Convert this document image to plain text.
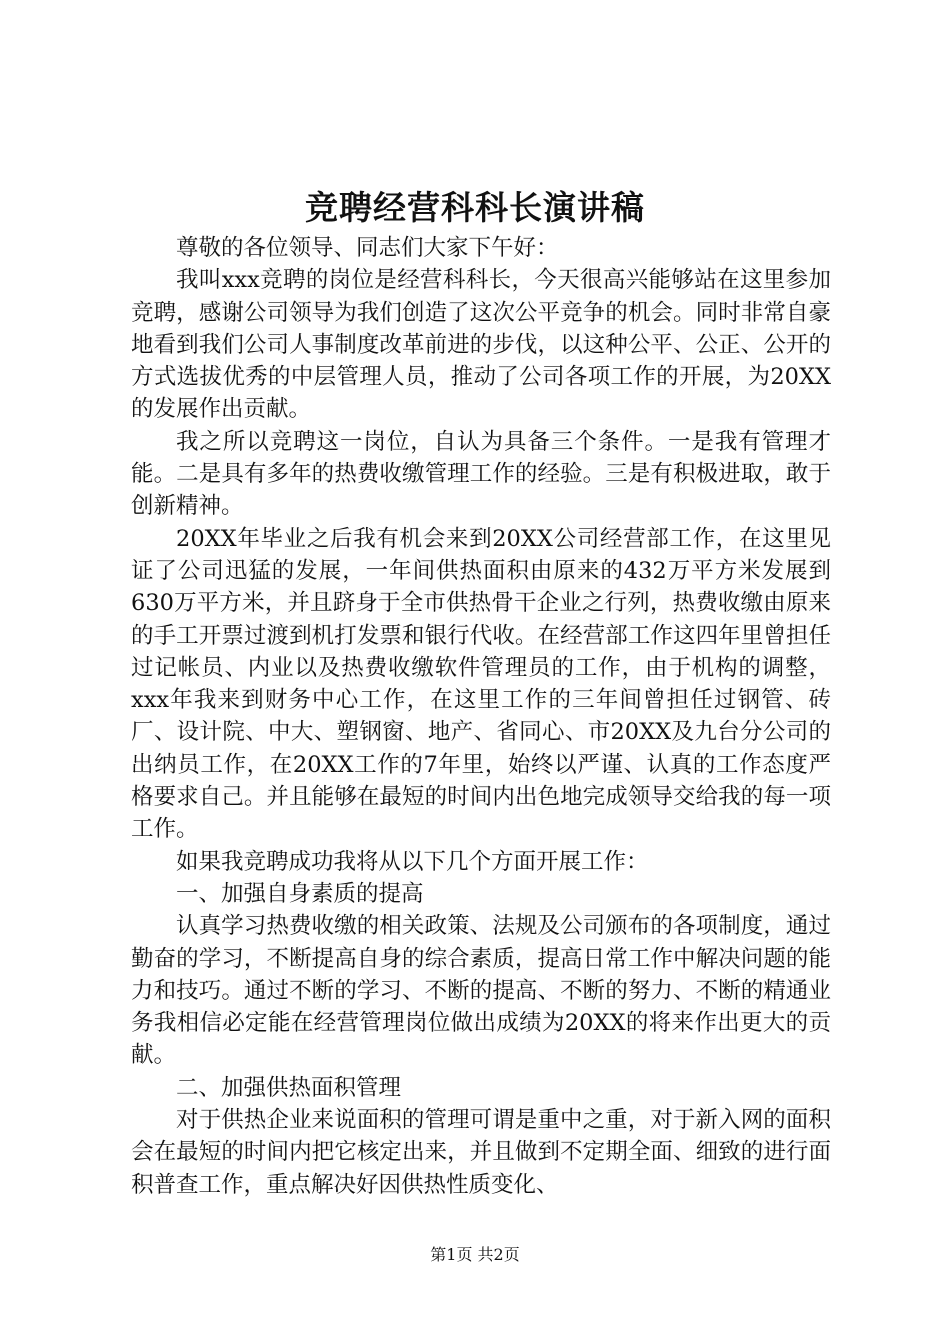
竞聘经营科科长演讲稿

尊敬的各位领导、同志们大家下午好：

我叫xxx竞聘的岗位是经营科科长，今天很高兴能够站在这里参加竞聘，感谢公司领导为我们创造了这次公平竞争的机会。同时非常自豪地看到我们公司人事制度改革前进的步伐，以这种公平、公正、公开的方式选拔优秀的中层管理人员，推动了公司各项工作的开展，为20XX的发展作出贡献。

我之所以竞聘这一岗位，自认为具备三个条件。一是我有管理才能。二是具有多年的热费收缴管理工作的经验。三是有积极进取，敢于创新精神。

20XX年毕业之后我有机会来到20XX公司经营部工作，在这里见证了公司迅猛的发展，一年间供热面积由原来的432万平方米发展到630万平方米，并且跻身于全市供热骨干企业之行列，热费收缴由原来的手工开票过渡到机打发票和银行代收。在经营部工作这四年里曾担任过记帐员、内业以及热费收缴软件管理员的工作，由于机构的调整，xxx年我来到财务中心工作，在这里工作的三年间曾担任过钢管、砖厂、设计院、中大、塑钢窗、地产、省同心、市20XX及九台分公司的出纳员工作，在20XX工作的7年里，始终以严谨、认真的工作态度严格要求自己。并且能够在最短的时间内出色地完成领导交给我的每一项工作。

如果我竞聘成功我将从以下几个方面开展工作：

一、加强自身素质的提高

认真学习热费收缴的相关政策、法规及公司颁布的各项制度，通过勤奋的学习，不断提高自身的综合素质，提高日常工作中解决问题的能力和技巧。通过不断的学习、不断的提高、不断的努力、不断的精通业务我相信必定能在经营管理岗位做出成绩为20XX的将来作出更大的贡献。

二、加强供热面积管理

对于供热企业来说面积的管理可谓是重中之重，对于新入网的面积会在最短的时间内把它核定出来，并且做到不定期全面、细致的进行面积普查工作，重点解决好因供热性质变化、

第1页 共2页
